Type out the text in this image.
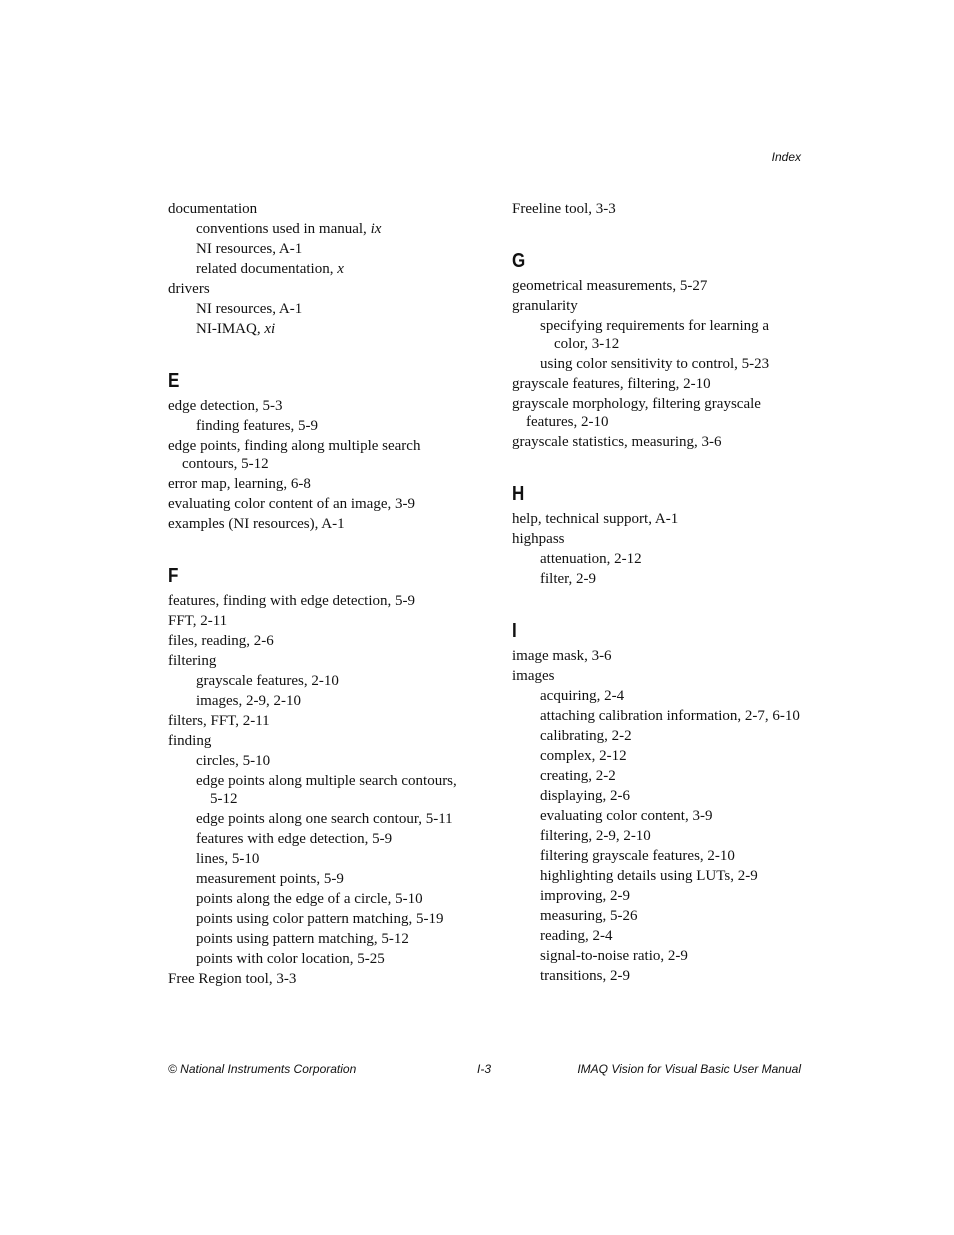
Index
documentation
conventions used in manual, ix
NI resources, A-1
related documentation, x
drivers
NI resources, A-1
NI-IMAQ, xi
E
edge detection, 5-3
finding features, 5-9
edge points, finding along multiple search contours, 5-12
error map, learning, 6-8
evaluating color content of an image, 3-9
examples (NI resources), A-1
F
features, finding with edge detection, 5-9
FFT, 2-11
files, reading, 2-6
filtering
grayscale features, 2-10
images, 2-9, 2-10
filters, FFT, 2-11
finding
circles, 5-10
edge points along multiple search contours, 5-12
edge points along one search contour, 5-11
features with edge detection, 5-9
lines, 5-10
measurement points, 5-9
points along the edge of a circle, 5-10
points using color pattern matching, 5-19
points using pattern matching, 5-12
points with color location, 5-25
Free Region tool, 3-3
Freeline tool, 3-3
G
geometrical measurements, 5-27
granularity
specifying requirements for learning a color, 3-12
using color sensitivity to control, 5-23
grayscale features, filtering, 2-10
grayscale morphology, filtering grayscale features, 2-10
grayscale statistics, measuring, 3-6
H
help, technical support, A-1
highpass
attenuation, 2-12
filter, 2-9
I
image mask, 3-6
images
acquiring, 2-4
attaching calibration information, 2-7, 6-10
calibrating, 2-2
complex, 2-12
creating, 2-2
displaying, 2-6
evaluating color content, 3-9
filtering, 2-9, 2-10
filtering grayscale features, 2-10
highlighting details using LUTs, 2-9
improving, 2-9
measuring, 5-26
reading, 2-4
signal-to-noise ratio, 2-9
transitions, 2-9
© National Instruments Corporation	I-3	IMAQ Vision for Visual Basic User Manual
